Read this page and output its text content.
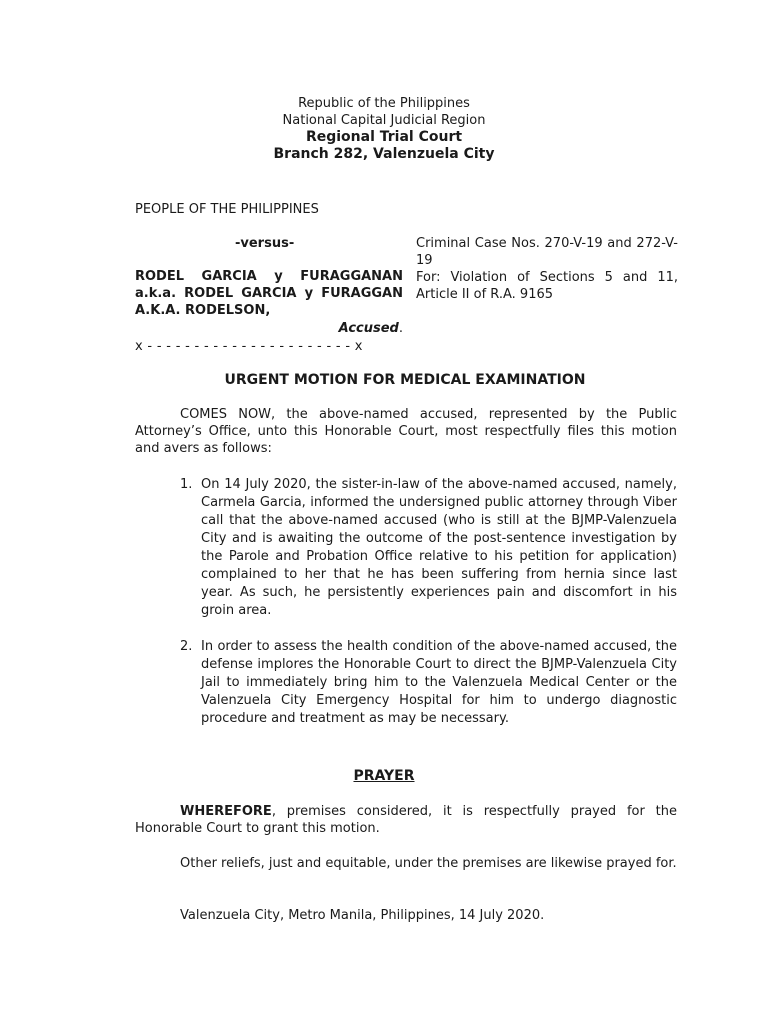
Republic of the Philippines
National Capital Judicial Region
Regional Trial Court
Branch 282, Valenzuela City
PEOPLE OF THE PHILIPPINES
-versus-
RODEL GARCIA y FURAGGANAN a.k.a. RODEL GARCIA y FURAGGAN A.K.A. RODELSON,
Accused.
x - - - - - - - - - - - - - - - - - - - - - - x
Criminal Case Nos. 270-V-19 and 272-V-19
For: Violation of Sections 5 and 11, Article II of R.A. 9165
URGENT MOTION FOR MEDICAL EXAMINATION
COMES NOW, the above-named accused, represented by the Public Attorney’s Office, unto this Honorable Court, most respectfully files this motion and avers as follows:
1. On 14 July 2020, the sister-in-law of the above-named accused, namely, Carmela Garcia, informed the undersigned public attorney through Viber call that the above-named accused (who is still at the BJMP-Valenzuela City and is awaiting the outcome of the post-sentence investigation by the Parole and Probation Office relative to his petition for application) complained to her that he has been suffering from hernia since last year. As such, he persistently experiences pain and discomfort in his groin area.
2. In order to assess the health condition of the above-named accused, the defense implores the Honorable Court to direct the BJMP-Valenzuela City Jail to immediately bring him to the Valenzuela Medical Center or the Valenzuela City Emergency Hospital for him to undergo diagnostic procedure and treatment as may be necessary.
PRAYER
WHEREFORE, premises considered, it is respectfully prayed for the Honorable Court to grant this motion.
Other reliefs, just and equitable, under the premises are likewise prayed for.
Valenzuela City, Metro Manila, Philippines, 14 July 2020.
